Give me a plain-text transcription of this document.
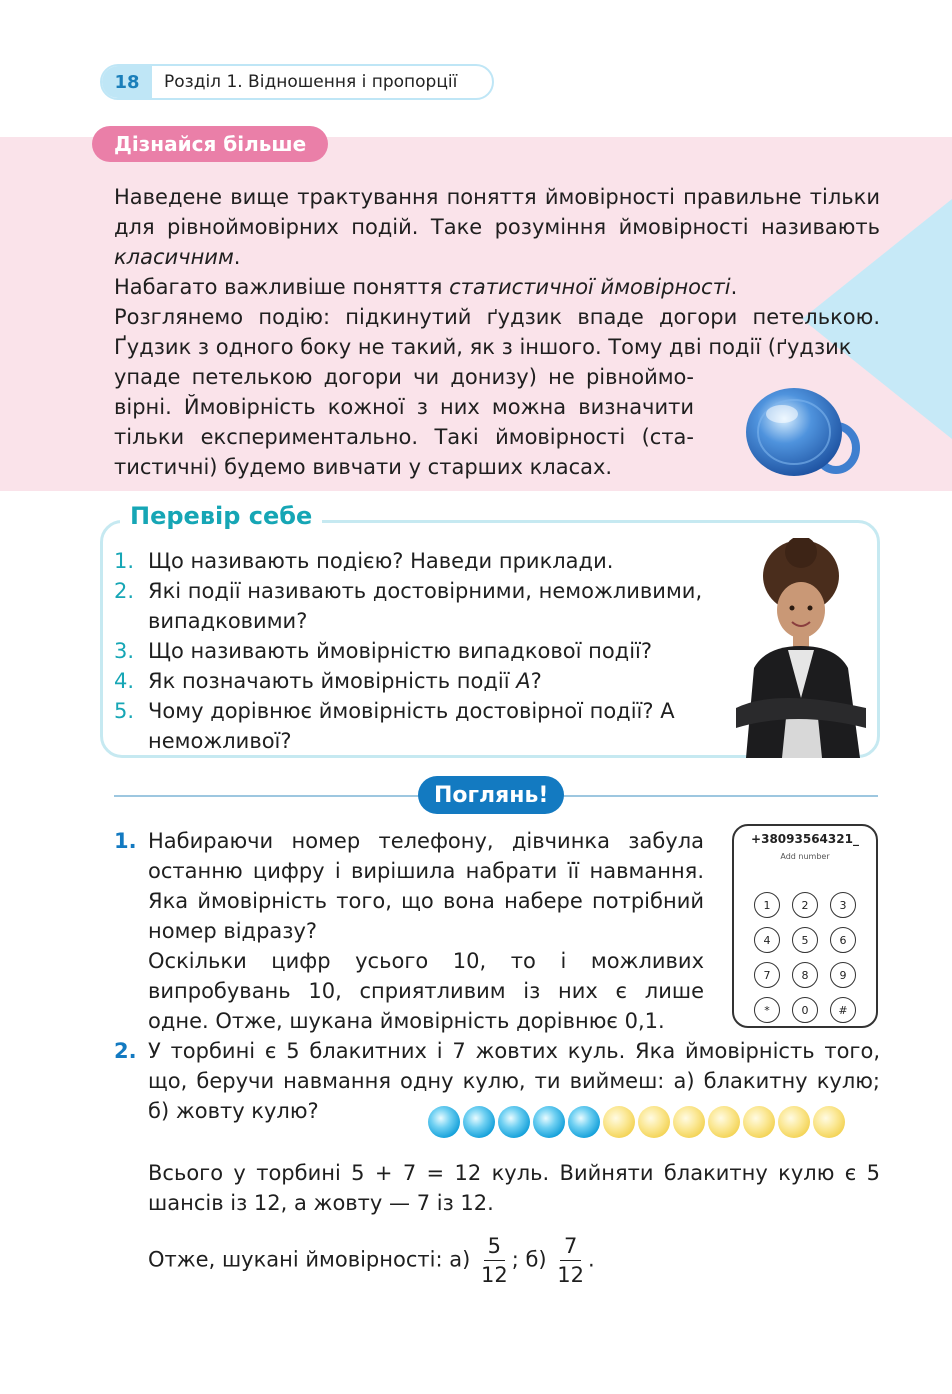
18	Розділ 1. Відношення і пропорції
Дізнайся більше

Наведене вище трактування поняття ймовірності правильне тільки для рівноймовірних подій. Таке розуміння ймовірності називають класичним.

Набагато важливіше поняття статистичної ймовірності.

Розглянемо подію: підкинутий ґудзик впаде догори петелькою. Ґудзик з одного боку не такий, як з іншого. Тому дві події (ґудзик

упаде петелькою догори чи донизу) не рівноймо-вірні. Ймовірність кожної з них можна визначити тільки експериментально. Такі ймовірності (ста-тистичні) будемо вивчати у старших класах.

Перевір себе
1. Що називають подією? Наведи приклади.
2. Які події називають достовірними, неможливими, випадковими?
3. Що називають ймовірністю випадкової події?
4. Як позначають ймовірність події А?
5. Чому дорівнює ймовірність достовірної події? А неможливої?
Поглянь!
1. Набираючи номер телефону, дівчинка забула останню цифру і вирішила набрати її навмання. Яка ймовірність того, що вона набере потрібний номер відразу?

Оскільки цифр усього 10, то і можливих випробувань 10, сприятливим із них є лише одне. Отже, шукана ймовірність дорівнює 0,1.

2. У торбині є 5 блакитних і 7 жовтих куль. Яка ймовірність того, що, беручи навмання одну кулю, ти виймеш: а) блакитну кулю; б) жовту кулю?

Всього у торбині 5 + 7 = 12 куль. Вийняти блакитну кулю є 5 шансів із 12, а жовту — 7 із 12.

Отже, шукані ймовірності: $а) \frac{5}{12}$ ; $б) \frac{7}{12}$ .
+38093564321_
Add number
1	2	3
4	5	6
7	8	9
*	0	#
